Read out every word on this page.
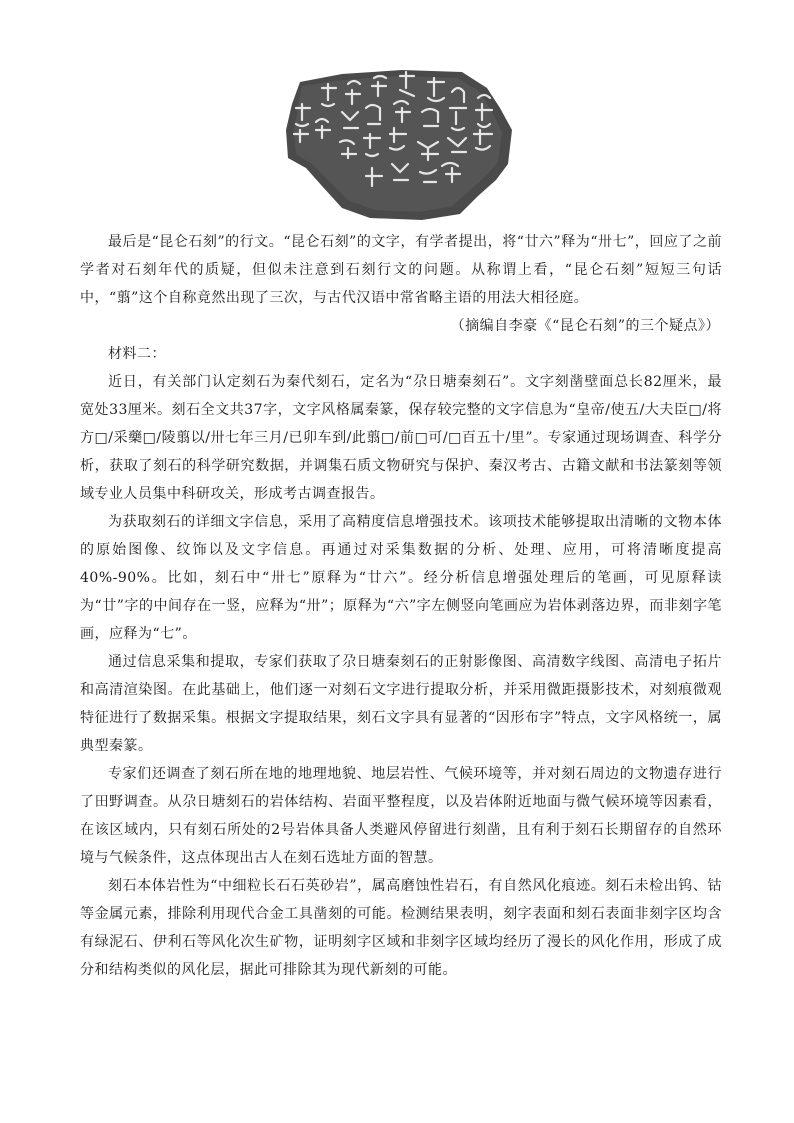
最后是“昆仑石刻”的行文。“昆仑石刻”的文字，有学者提出，将“廿六”释为“卅七”，回应了之前学者对石刻年代的质疑，但似未注意到石刻行文的问题。从称谓上看，“昆仑石刻”短短三句话中，“翦”这个自称竟然出现了三次，与古代汉语中常省略主语的用法大相径庭。

（摘编自李豪《“昆仑石刻”的三个疑点》）

材料二：

近日，有关部门认定刻石为秦代刻石，定名为“尕日塘秦刻石”。文字刻凿壁面总长82厘米，最宽处33厘米。刻石全文共37字，文字风格属秦篆，保存较完整的文字信息为“皇帝/使五/大夫臣□/将方□/采藥□/陵翦以/卅七年三月/已卯车到/此翦□/前□可/□百五十/里”。专家通过现场调查、科学分析，获取了刻石的科学研究数据，并调集石质文物研究与保护、秦汉考古、古籍文献和书法篆刻等领域专业人员集中科研攻关，形成考古调查报告。

为获取刻石的详细文字信息，采用了高精度信息增强技术。该项技术能够提取出清晰的文物本体的原始图像、纹饰以及文字信息。再通过对采集数据的分析、处理、应用，可将清晰度提高40%-90%。比如，刻石中“卅七”原释为“廿六”。经分析信息增强处理后的笔画，可见原释读为“廿”字的中间存在一竖，应释为“卅”；原释为“六”字左侧竖向笔画应为岩体剥落边界，而非刻字笔画，应释为“七”。

通过信息采集和提取，专家们获取了尕日塘秦刻石的正射影像图、高清数字线图、高清电子拓片和高清渲染图。在此基础上，他们逐一对刻石文字进行提取分析，并采用微距摄影技术，对刻痕微观特征进行了数据采集。根据文字提取结果，刻石文字具有显著的“因形布字”特点，文字风格统一，属典型秦篆。

专家们还调查了刻石所在地的地理地貌、地层岩性、气候环境等，并对刻石周边的文物遗存进行了田野调查。从尕日塘刻石的岩体结构、岩面平整程度，以及岩体附近地面与微气候环境等因素看，在该区域内，只有刻石所处的2号岩体具备人类避风停留进行刻凿，且有利于刻石长期留存的自然环境与气候条件，这点体现出古人在刻石选址方面的智慧。

刻石本体岩性为“中细粒长石石英砂岩”，属高磨蚀性岩石，有自然风化痕迹。刻石未检出钨、钴等金属元素，排除利用现代合金工具凿刻的可能。检测结果表明，刻字表面和刻石表面非刻字区均含有绿泥石、伊利石等风化次生矿物，证明刻字区域和非刻字区域均经历了漫长的风化作用，形成了成分和结构类似的风化层，据此可排除其为现代新刻的可能。
